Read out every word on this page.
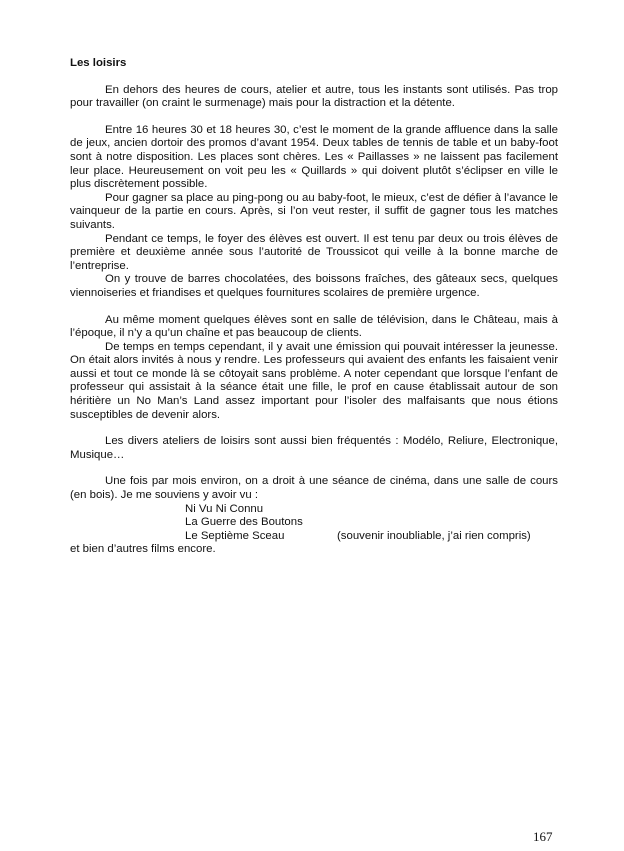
Les loisirs

En dehors des heures de cours, atelier et autre, tous les instants sont utilisés. Pas trop pour travailler (on craint le surmenage) mais pour la distraction et la détente.

Entre 16 heures 30 et 18 heures 30, c’est le moment de la grande affluence dans la salle de jeux, ancien dortoir des promos d’avant 1954. Deux tables de tennis de table et un baby-foot sont à notre disposition. Les places sont chères. Les « Paillasses » ne laissent pas facilement leur place. Heureusement on voit peu les « Quillards » qui doivent plutôt s’éclipser en ville le plus discrètement possible.

Pour gagner sa place au ping-pong ou au baby-foot, le mieux, c’est de défier à l’avance le vainqueur de la partie en cours. Après, si l’on veut rester, il suffit de gagner tous les matches suivants.

Pendant ce temps, le foyer des élèves est ouvert. Il est tenu par deux ou trois élèves de première et deuxième année sous l’autorité de Troussicot qui veille à la bonne marche de l’entreprise.

On y trouve de barres chocolatées, des boissons fraîches, des gâteaux secs, quelques viennoiseries et friandises et quelques fournitures scolaires de première urgence.

Au même moment quelques élèves sont en salle de télévision, dans le Château, mais à l’époque, il n’y a qu’un chaîne et pas beaucoup de clients.

De temps en temps cependant, il y avait une émission qui pouvait intéresser la jeunesse. On était alors invités à nous y rendre. Les professeurs qui avaient des enfants les faisaient venir aussi et tout ce monde là se côtoyait sans problème. A noter cependant que lorsque l’enfant de professeur qui assistait à la séance était une fille, le prof en cause établissait autour de son héritière un No Man’s Land assez important pour l’isoler des malfaisants que nous étions susceptibles de devenir alors.

Les divers ateliers de loisirs sont aussi bien fréquentés : Modélo, Reliure, Electronique, Musique…

Une fois par mois environ, on a droit à une séance de cinéma, dans une salle de cours (en bois). Je me souviens y avoir vu :

Ni Vu Ni Connu
La Guerre des Boutons
Le Septième Sceau	(souvenir inoubliable, j’ai rien compris)

et bien d’autres films encore.

167
